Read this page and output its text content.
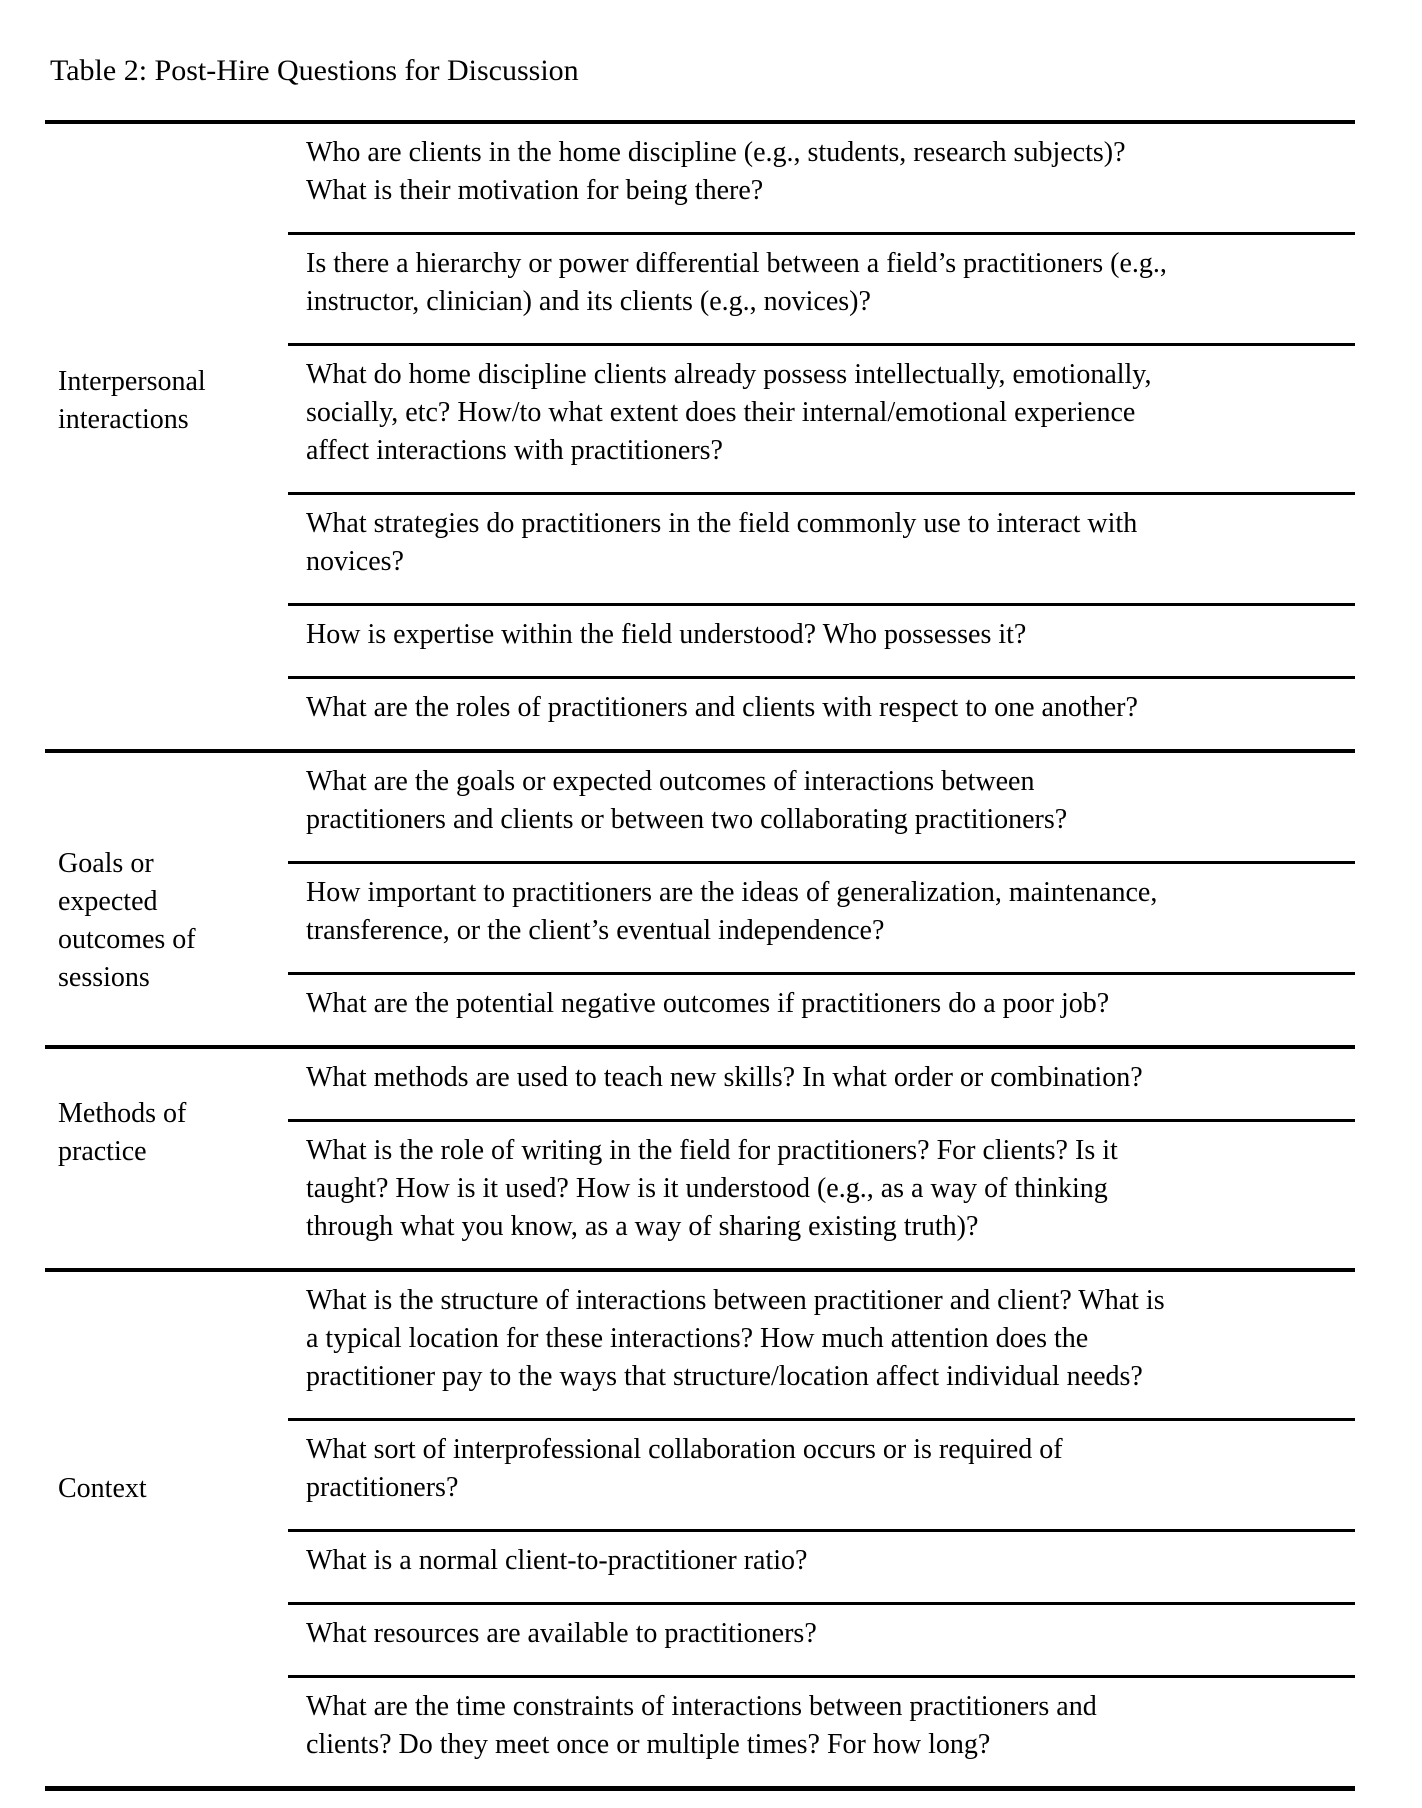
Table 2: Post-Hire Questions for Discussion
Interpersonal
interactions
Who are clients in the home discipline (e.g., students, research subjects)?
What is their motivation for being there?
Is there a hierarchy or power differential between a field’s practitioners (e.g.,
instructor, clinician) and its clients (e.g., novices)?
What do home discipline clients already possess intellectually, emotionally,
socially, etc? How/to what extent does their internal/emotional experience
affect interactions with practitioners?
What strategies do practitioners in the field commonly use to interact with
novices?
How is expertise within the field understood? Who possesses it?
What are the roles of practitioners and clients with respect to one another?
Goals or
expected
outcomes of
sessions
What are the goals or expected outcomes of interactions between
practitioners and clients or between two collaborating practitioners?
How important to practitioners are the ideas of generalization, maintenance,
transference, or the client’s eventual independence?
What are the potential negative outcomes if practitioners do a poor job?
Methods of
practice
What methods are used to teach new skills? In what order or combination?
What is the role of writing in the field for practitioners? For clients? Is it
taught? How is it used? How is it understood (e.g., as a way of thinking
through what you know, as a way of sharing existing truth)?
Context
What is the structure of interactions between practitioner and client? What is
a typical location for these interactions? How much attention does the
practitioner pay to the ways that structure/location affect individual needs?
What sort of interprofessional collaboration occurs or is required of
practitioners?
What is a normal client-to-practitioner ratio?
What resources are available to practitioners?
What are the time constraints of interactions between practitioners and
clients? Do they meet once or multiple times? For how long?
